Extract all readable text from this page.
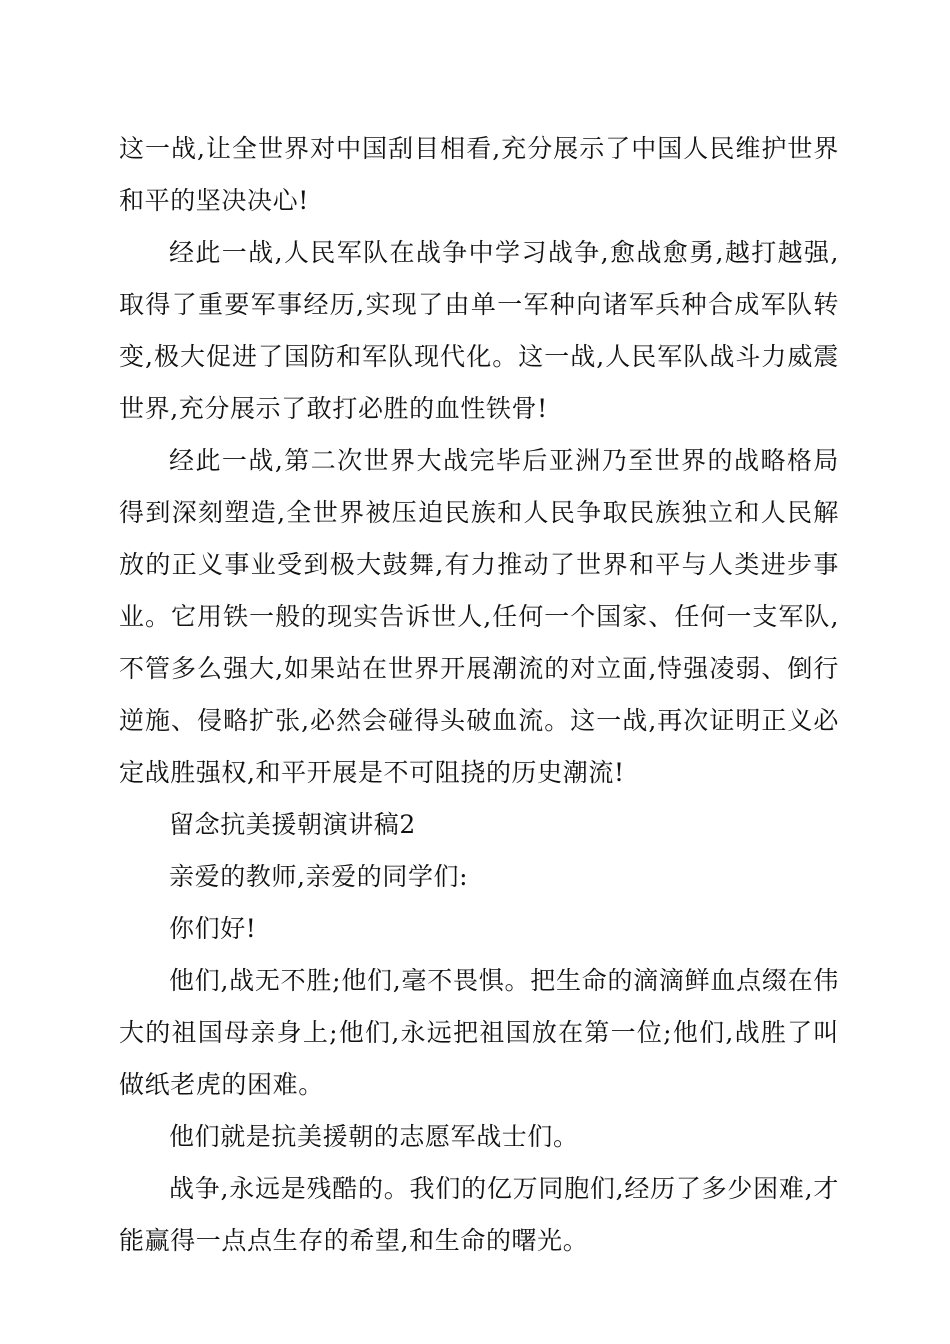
这一战,让全世界对中国刮目相看,充分展示了中国人民维护世界和平的坚决决心!

经此一战,人民军队在战争中学习战争,愈战愈勇,越打越强,取得了重要军事经历,实现了由单一军种向诸军兵种合成军队转变,极大促进了国防和军队现代化。这一战,人民军队战斗力威震世界,充分展示了敢打必胜的血性铁骨!

经此一战,第二次世界大战完毕后亚洲乃至世界的战略格局得到深刻塑造,全世界被压迫民族和人民争取民族独立和人民解放的正义事业受到极大鼓舞,有力推动了世界和平与人类进步事业。它用铁一般的现实告诉世人,任何一个国家、任何一支军队,不管多么强大,如果站在世界开展潮流的对立面,恃强凌弱、倒行逆施、侵略扩张,必然会碰得头破血流。这一战,再次证明正义必定战胜强权,和平开展是不可阻挠的历史潮流!

留念抗美援朝演讲稿2

亲爱的教师,亲爱的同学们:

你们好!

他们,战无不胜;他们,毫不畏惧。把生命的滴滴鲜血点缀在伟大的祖国母亲身上;他们,永远把祖国放在第一位;他们,战胜了叫做纸老虎的困难。

他们就是抗美援朝的志愿军战士们。

战争,永远是残酷的。我们的亿万同胞们,经历了多少困难,才能赢得一点点生存的希望,和生命的曙光。
